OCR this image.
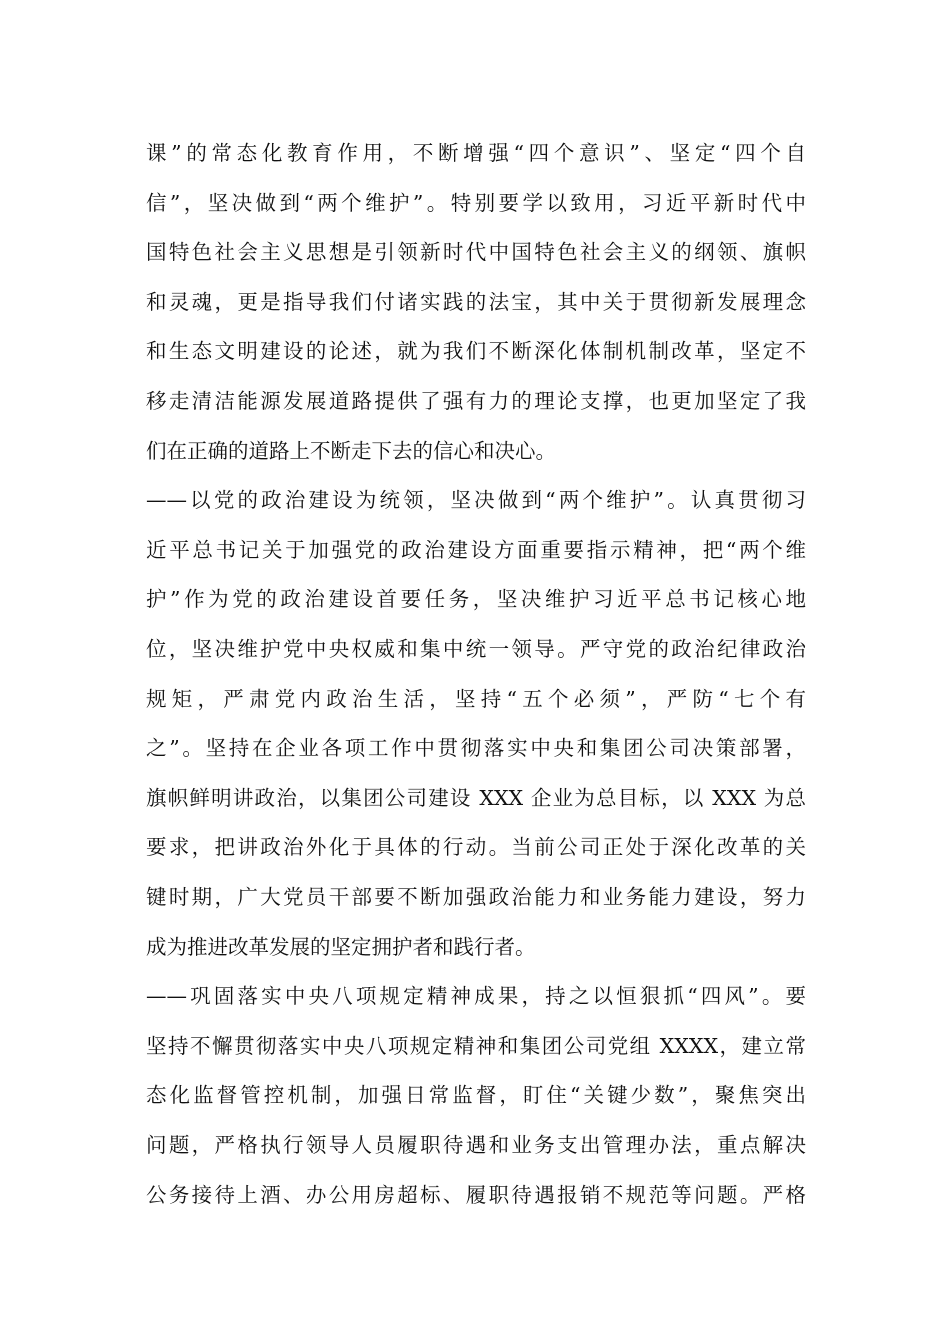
课”的常态化教育作用，不断增强“四个意识”、坚定“四个自
信”，坚决做到“两个维护”。特别要学以致用，习近平新时代中
国特色社会主义思想是引领新时代中国特色社会主义的纲领、旗帜
和灵魂，更是指导我们付诸实践的法宝，其中关于贯彻新发展理念
和生态文明建设的论述，就为我们不断深化体制机制改革，坚定不
移走清洁能源发展道路提供了强有力的理论支撑，也更加坚定了我
们在正确的道路上不断走下去的信心和决心。
——以党的政治建设为统领，坚决做到“两个维护”。认真贯彻习
近平总书记关于加强党的政治建设方面重要指示精神，把“两个维
护”作为党的政治建设首要任务，坚决维护习近平总书记核心地
位，坚决维护党中央权威和集中统一领导。严守党的政治纪律政治
规矩，严肃党内政治生活，坚持“五个必须”，严防“七个有
之”。坚持在企业各项工作中贯彻落实中央和集团公司决策部署，
旗帜鲜明讲政治，以集团公司建设 XXX 企业为总目标，以 XXX 为总
要求，把讲政治外化于具体的行动。当前公司正处于深化改革的关
键时期，广大党员干部要不断加强政治能力和业务能力建设，努力
成为推进改革发展的坚定拥护者和践行者。
——巩固落实中央八项规定精神成果，持之以恒狠抓“四风”。要
坚持不懈贯彻落实中央八项规定精神和集团公司党组 XXXX，建立常
态化监督管控机制，加强日常监督，盯住“关键少数”，聚焦突出
问题，严格执行领导人员履职待遇和业务支出管理办法，重点解决
公务接待上酒、办公用房超标、履职待遇报销不规范等问题。严格
